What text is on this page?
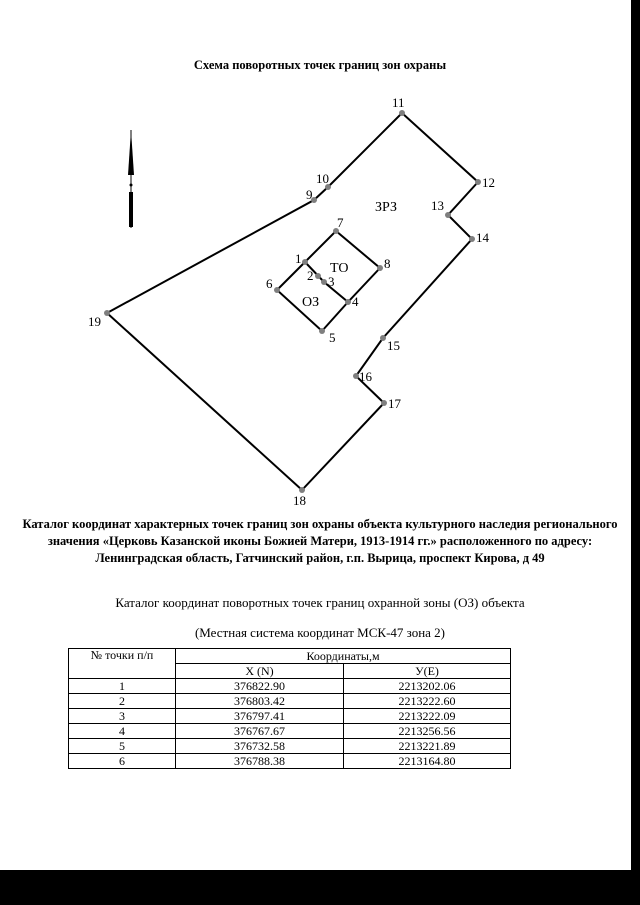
Схема поворотных точек границ зон охраны
1
2 3
4
5
6
7
8
9
10
11
12
13
14
15
16
17
18
19
ЗРЗ
ТО
ОЗ
Каталог координат характерных точек границ зон охраны объекта культурного наследия регионального значения «Церковь Казанской иконы Божией Матери, 1913-1914 гг.» расположенного по адресу: Ленинградская область, Гатчинский район, г.п. Вырица, проспект Кирова, д 49
Каталог координат поворотных точек границ охранной зоны (ОЗ) объекта
(Местная система координат МСК-47 зона 2)
№ точки п/п	Координаты,м	
	X (N)	У(Е)
1	376822.90	2213202.06
2	376803.42	2213222.60
3	376797.41	2213222.09
4	376767.67	2213256.56
5	376732.58	2213221.89
6	376788.38	2213164.80
